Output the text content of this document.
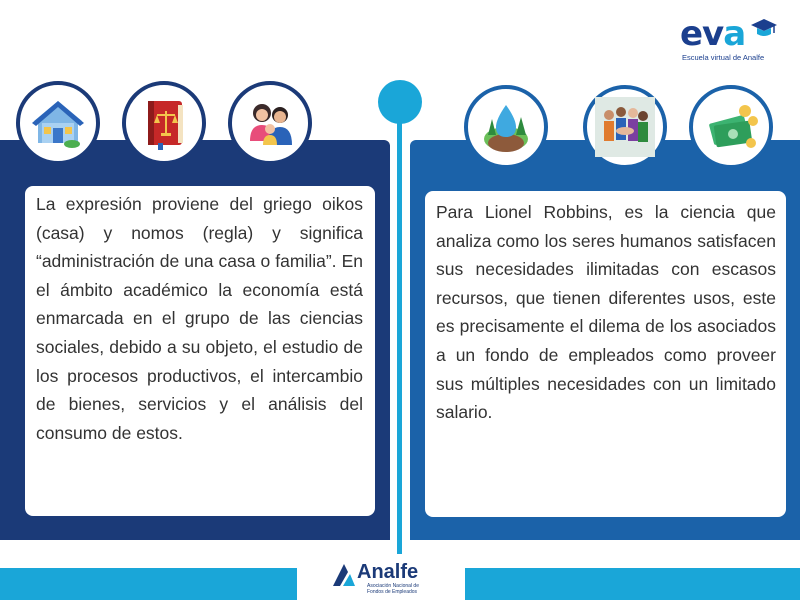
eva
Escuela virtual de Analfe
La expresión proviene del griego oikos (casa) y nomos (regla) y significa “administración de una casa o familia”. En el ámbito académico la economía está enmarcada en el grupo de las ciencias sociales, debido a su objeto, el estudio de los procesos productivos, el intercambio de bienes, servicios y el análisis del consumo de estos.
Para Lionel Robbins, es la ciencia que analiza como los seres humanos satisfacen sus necesidades ilimitadas con escasos recursos, que tienen diferentes usos, este es precisamente el dilema de los asociados a un fondo de empleados como proveer sus múltiples necesidades con un limitado salario.
Analfe
Asociación Nacional de
Fondos de Empleados
